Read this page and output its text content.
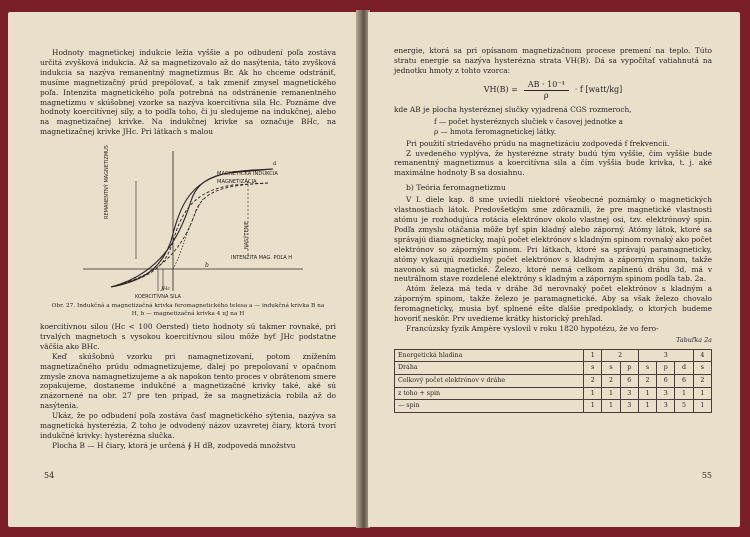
Hodnoty magnetickej indukcie ležia vyššie a po odbudení poľa zostáva určitá zvyšková indukcia. Až sa magnetizovalo až do nasýtenia, táto zvyšková indukcia sa nazýva remanentný magnetizmus Br. Ak ho chceme odstrániť, musíme magnetizačný prúd prepólovať, a tak zmeniť zmysel magnetického poľa. Intenzita magnetického poľa potrebná na odstránenie remanentného magnetizmu v skúšobnej vzorke sa nazýva koercitívna sila Hc. Poznáme dve hodnoty koercitívnej sily, a to podľa toho, či ju sledujeme na indukčnej, alebo na magnetizačnej krivke. Na indukčnej krivke sa označuje BHc, na magnetizačnej krivke JHc. Pri látkach s malou

MAGNETICKÁ INDUKCIA
MAGNETIZÁCIA
REMANENTNÝ MAGNETIZMUS
NASÝTENIE
INTENZITA MAG. POĽA H
KOERCITÍVNA SILA
a
b
JHc
Obr. 27. Indukčná a magnetizačná krivka feromagnetického telesa a — indukčná krivka B na H, b — magnetizačná krivka 4 πJ na H

koercitívnou silou (Hc < 100 Oersted) tieto hodnoty sú takmer rovnaké, pri trvalých magnetoch s vysokou koercitívnou silou môže byť JHc podstatne väčšia ako BHc.

Keď skúšobnú vzorku pri namagnetizovaní, potom znížením magnetizačného prúdu odmagnetizujeme, ďalej po prepolovaní v opačnom zmysle znova namagnetizujeme a ak napokon tento proces v obrátenom smere zopakujeme, dostaneme indukčné a magnetizačné krivky také, aké sú znázornené na obr. 27 pre ten prípad, že sa magnetizácia robila až do nasýtenia.

Ukáz, že po odbudení poľa zostáva časť magnetického sýtenia, nazýva sa magnetická hysterézia. Z toho je odvodený názov uzavretej čiary, ktorá tvorí indukčné krivky: hysterézna slučka.

Plocha B — H čiary, ktorá je určená ∮ H dB, zodpovedá množstvu

54

energie, ktorá sa pri opísanom magnetizačnom procese premení na teplo. Túto stratu energie sa nazýva hysterézna strata VH(B). Dá sa vypočítať vatiahnutá na jednotku hmoty z tohto vzorca:

$VH(B) = \frac{\text{AB · 10⁻⁴}}{\rho} \cdot f$ [watt/kg]

kde AB je plocha hysteréznej slučky vyjadrená CGS rozmeroch,

f — počet hysteréznych slučiek v časovej jednotke a
ρ — hmota feromagnetickej látky.

Pri použití striedavého prúdu na magnetizáciu zodpovedá f frekvencii.

Z uvedeného vyplýva, že hysterézne straty budú tým vyššie, čím vyššie bude remanentný magnetizmus a koercitívna sila a čím vyššia bude krivka, t. j. aké maximálne hodnoty B sa dosiahnu.

b) Teória feromagnetizmu

V I. diele kap. 8 sme uviedli niektoré všeobecné poznámky o magnetických vlastnostiach látok. Predovšetkým sme zdôraznili, že pre magnetické vlastnosti atómu je rozhodujúca rotácia elektrónov okolo vlastnej osi, tzv. elektrónový spin. Podľa zmyslu otáčania môže byť spin kladný alebo záporný. Atómy látok, ktoré sa správajú diamagneticky, majú počet elektrónov s kladným spinom rovnaký ako počet elektrónov so záporným spinom. Pri látkach, ktoré sa správajú paramagneticky, atómy vykazujú rozdielny počet elektrónov s kladným a záporným spinom, takže navonok sú magnetické. Železo, ktoré nemá celkom zaplnenú dráhu 3d, má v neutrálnom stave rozdelené elektróny s kladným a záporným spinom podľa tab. 2a.

Atóm železa má teda v dráhe 3d nerovnaký počet elektrónov s kladným a záporným spinom, takže železo je paramagnetické. Aby sa však železo chovalo feromagneticky, musia byť splnené ešte ďalšie predpoklady, o ktorých budeme hovoriť neskôr. Prv uvedieme krátky historický prehľad.

Francúzsky fyzik Ampère vyslovil v roku 1820 hypotézu, že vo fero-

Tabuľka 2a
Energetická hladina	1	2		3			4
Dráha	s	s	p	s	p	d	s
Celkový počet elektrónov v dráhe	2	2	6	2	6	6	2
z toho + spin	1	1	3	1	3	1	1
— spin	1	1	3	1	3	5	1
55
